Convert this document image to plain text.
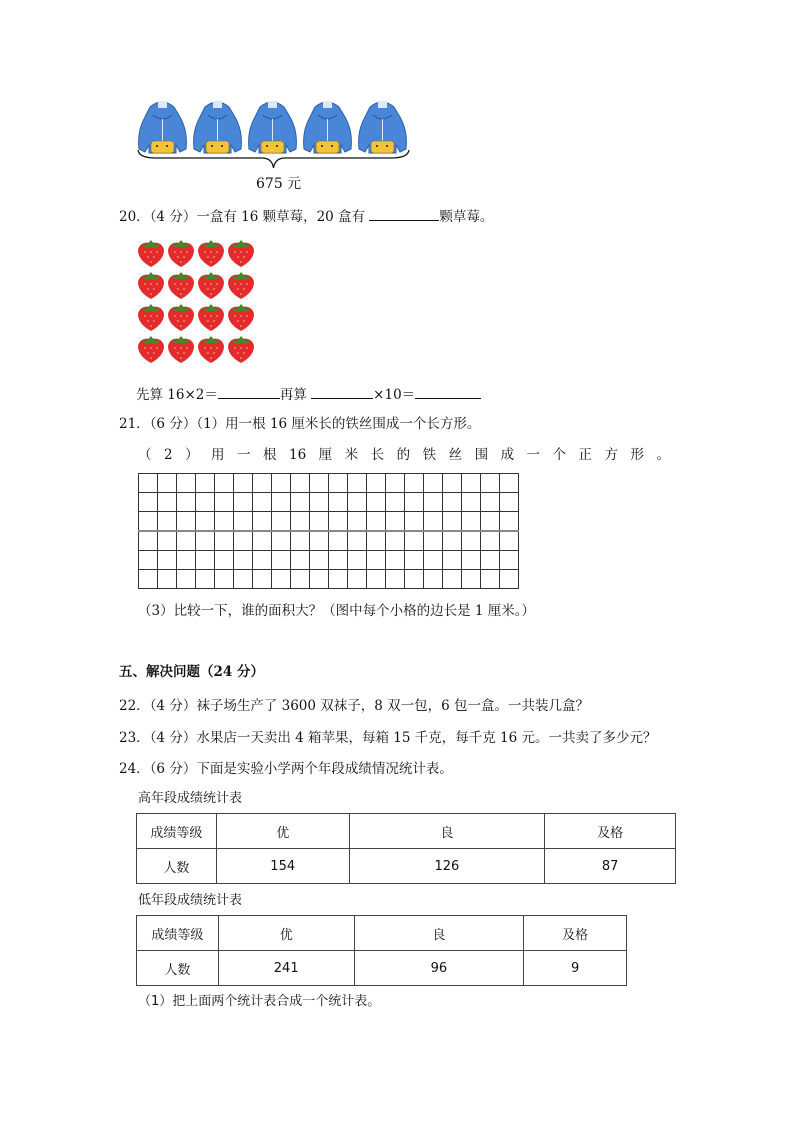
675 元
20．（4 分）一盒有 16 颗草莓，20 盒有	颗草莓。
先算 16×2＝	再算	×10＝
21．（6 分）（1）用一根 16 厘米长的铁丝围成一个长方形。
（ 2 ） 用 一 根 16 厘 米 长 的 铁 丝 围 成 一 个 正 方 形 。

（3）比较一下，谁的面积大？（图中每个小格的边长是 1 厘米。）
五、解决问题（24 分）
22．（4 分）袜子场生产了 3600 双袜子，8 双一包，6 包一盒。一共装几盒？
23．（4 分）水果店一天卖出 4 箱苹果，每箱 15 千克，每千克 16 元。一共卖了多少元？
24．（6 分）下面是实验小学两个年段成绩情况统计表。
高年段成绩统计表
成绩等级	优	良	及格
人数	154	126	87
低年段成绩统计表
成绩等级	优	良	及格
人数	241	96	9
（1）把上面两个统计表合成一个统计表。
